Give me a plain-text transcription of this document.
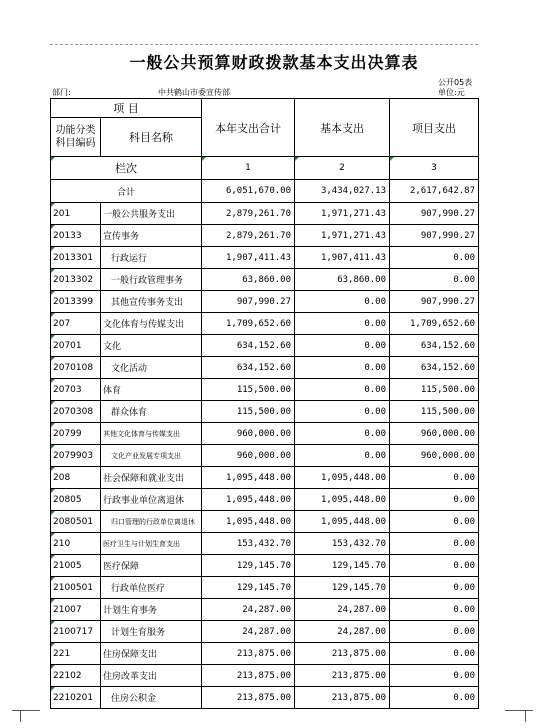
一般公共预算财政拨款基本支出决算表
公开05表
部门:	中共鹤山市委宣传部	单位:元
项 目		本年支出合计	基本支出	项目支出
功能分类
科目编码	科目名称			

栏次		1	2	3
合计		6,051,670.00	3,434,027.13	2,617,642.87

201	一般公共服务支出	2,879,261.70	1,971,271.43	907,990.27

20133	宣传事务	2,879,261.70	1,971,271.43	907,990.27

2013301	行政运行	1,907,411.43	1,907,411.43	0.00

2013302	一般行政管理事务	63,860.00	63,860.00	0.00

2013399	其他宣传事务支出	907,990.27	0.00	907,990.27

207	文化体育与传媒支出	1,709,652.60	0.00	1,709,652.60

20701	文化	634,152.60	0.00	634,152.60

2070108	文化活动	634,152.60	0.00	634,152.60

20703	体育	115,500.00	0.00	115,500.00

2070308	群众体育	115,500.00	0.00	115,500.00

20799	其他文化体育与传媒支出	960,000.00	0.00	960,000.00

2079903	文化产业发展专项支出	960,000.00	0.00	960,000.00

208	社会保障和就业支出	1,095,448.00	1,095,448.00	0.00

20805	行政事业单位离退休	1,095,448.00	1,095,448.00	0.00

2080501	归口管理的行政单位离退休	1,095,448.00	1,095,448.00	0.00

210	医疗卫生与计划生育支出	153,432.70	153,432.70	0.00

21005	医疗保障	129,145.70	129,145.70	0.00

2100501	行政单位医疗	129,145.70	129,145.70	0.00

21007	计划生育事务	24,287.00	24,287.00	0.00

2100717	计划生育服务	24,287.00	24,287.00	0.00

221	住房保障支出	213,875.00	213,875.00	0.00

22102	住房改革支出	213,875.00	213,875.00	0.00

2210201	住房公积金	213,875.00	213,875.00	0.00
